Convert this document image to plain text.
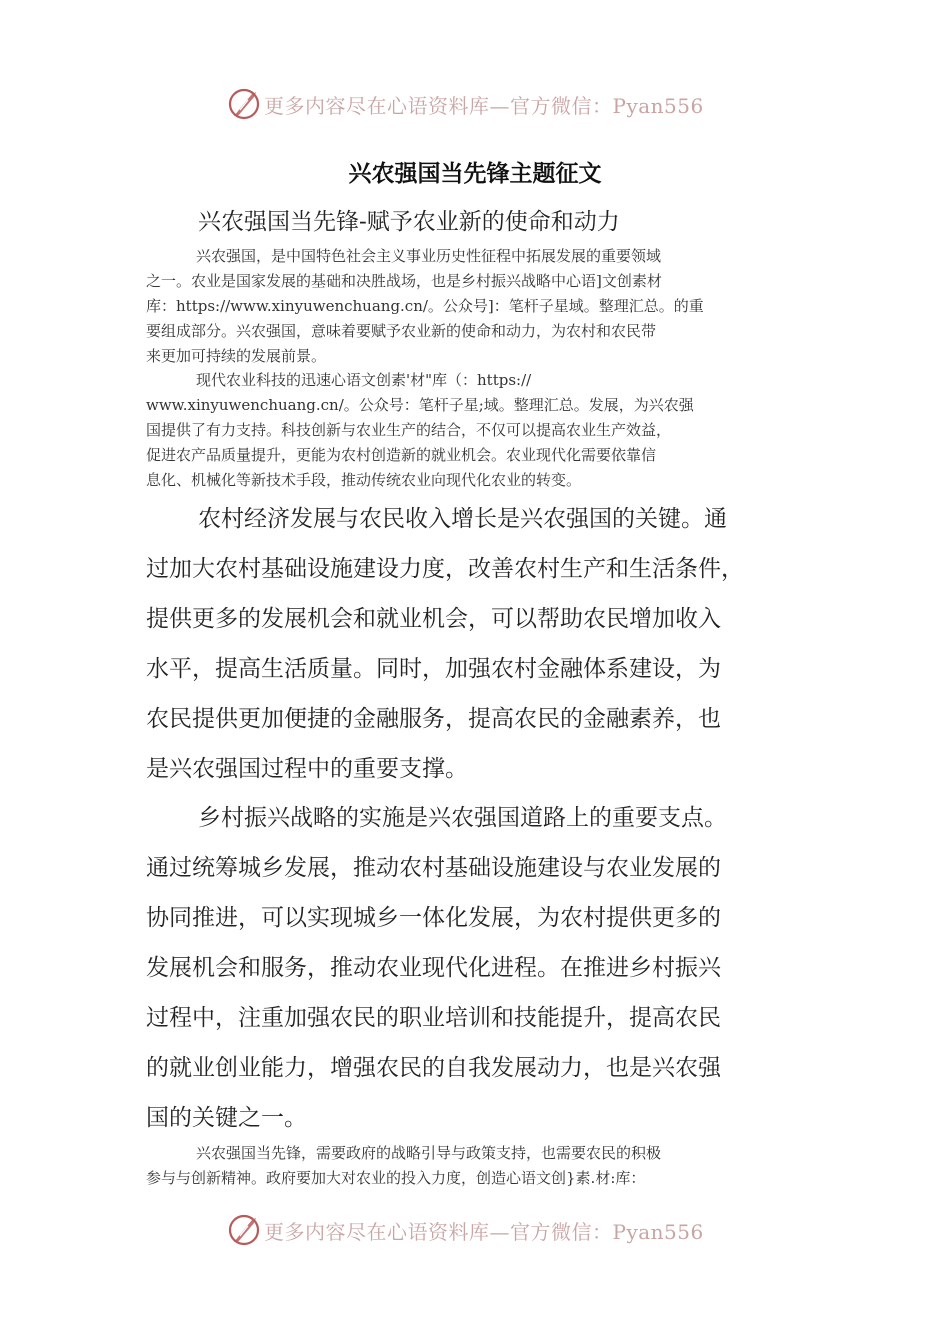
更多内容尽在心语资料库—官方微信：Pyan556
兴农强国当先锋主题征文
兴农强国当先锋-赋予农业新的使命和动力
兴农强国，是中国特色社会主义事业历史性征程中拓展发展的重要领域
之一。农业是国家发展的基础和决胜战场，也是乡村振兴战略中心语]文创素材
库：https://www.xinyuwenchuang.cn/。公众号]：笔杆子星域。整理汇总。的重
要组成部分。兴农强国，意味着要赋予农业新的使命和动力，为农村和农民带
来更加可持续的发展前景。
现代农业科技的迅速心语文创素'材"库（：https://
www.xinyuwenchuang.cn/。公众号：笔杆子星;域。整理汇总。发展，为兴农强
国提供了有力支持。科技创新与农业生产的结合，不仅可以提高农业生产效益，
促进农产品质量提升，更能为农村创造新的就业机会。农业现代化需要依靠信
息化、机械化等新技术手段，推动传统农业向现代化农业的转变。
农村经济发展与农民收入增长是兴农强国的关键。通
过加大农村基础设施建设力度，改善农村生产和生活条件，
提供更多的发展机会和就业机会，可以帮助农民增加收入
水平，提高生活质量。同时，加强农村金融体系建设，为
农民提供更加便捷的金融服务，提高农民的金融素养，也
是兴农强国过程中的重要支撑。
乡村振兴战略的实施是兴农强国道路上的重要支点。
通过统筹城乡发展，推动农村基础设施建设与农业发展的
协同推进，可以实现城乡一体化发展，为农村提供更多的
发展机会和服务，推动农业现代化进程。在推进乡村振兴
过程中，注重加强农民的职业培训和技能提升，提高农民
的就业创业能力，增强农民的自我发展动力，也是兴农强
国的关键之一。
兴农强国当先锋，需要政府的战略引导与政策支持，也需要农民的积极
参与与创新精神。政府要加大对农业的投入力度，创造心语文创}素.材:库：
更多内容尽在心语资料库—官方微信：Pyan556
